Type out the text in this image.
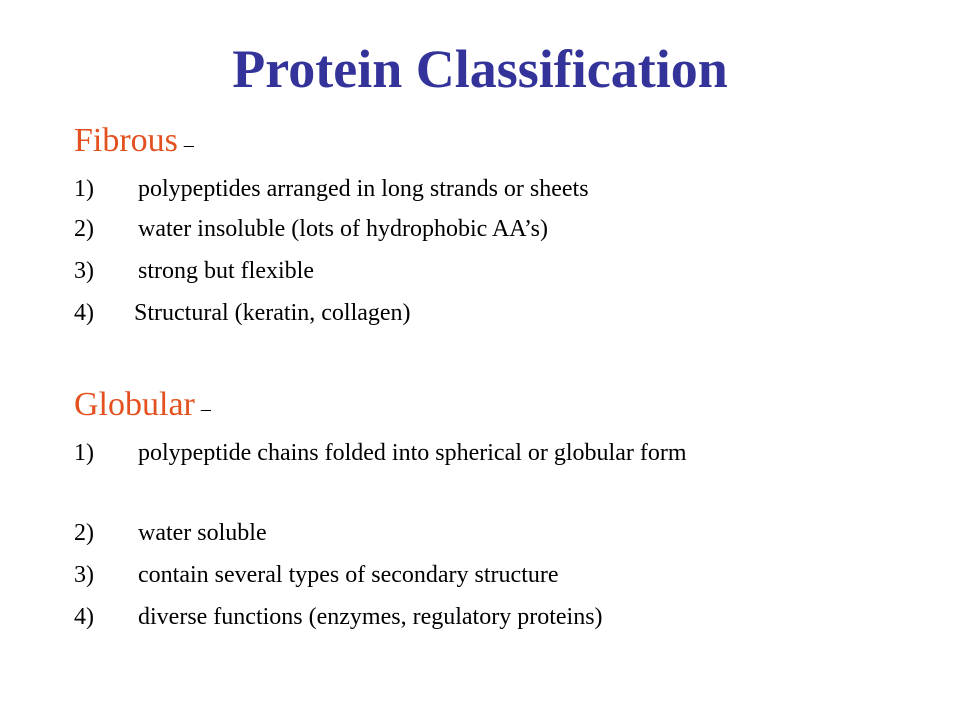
Protein Classification
Fibrous –
1)	polypeptides arranged in long strands or sheets
2)	water insoluble (lots of hydrophobic AA’s)
3)	strong but flexible
4)	Structural (keratin, collagen)
Globular –
1)	polypeptide chains folded into spherical or globular form
2)	water soluble
3)	contain several types of secondary structure
4)	diverse functions (enzymes, regulatory proteins)
